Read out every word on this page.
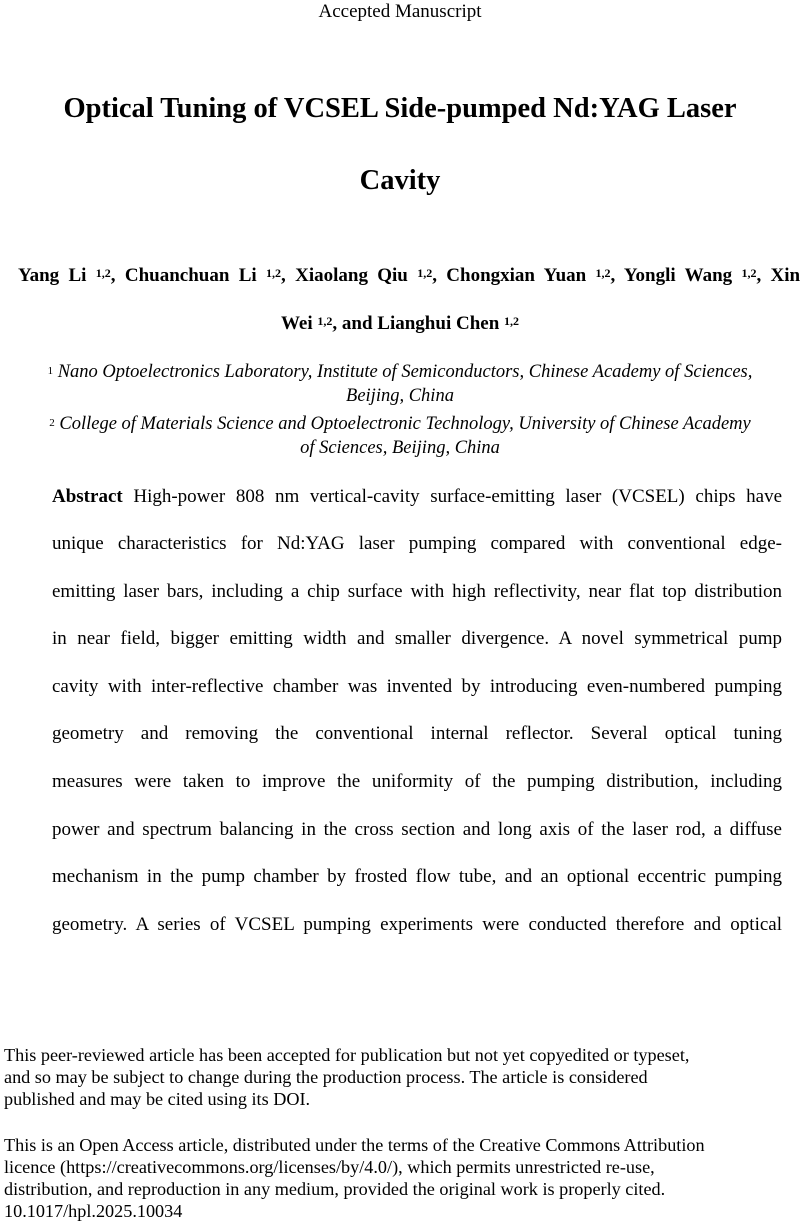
Accepted Manuscript
Optical Tuning of VCSEL Side-pumped Nd:YAG Laser
Cavity
Yang Li $^{1,2}$, Chuanchuan Li $^{1,2}$, Xiaolang Qiu $^{1,2}$, Chongxian Yuan $^{1,2}$, Yongli Wang $^{1,2}$, Xin
Wei $^{1,2}$, and Lianghui Chen $^{1,2}$
$^1$ Nano Optoelectronics Laboratory, Institute of Semiconductors, Chinese Academy of Sciences,
Beijing, China
$^2$ College of Materials Science and Optoelectronic Technology, University of Chinese Academy
of Sciences, Beijing, China
Abstract High-power 808 nm vertical-cavity surface-emitting laser (VCSEL) chips have
unique characteristics for Nd:YAG laser pumping compared with conventional edge-
emitting laser bars, including a chip surface with high reflectivity, near flat top distribution
in near field, bigger emitting width and smaller divergence. A novel symmetrical pump
cavity with inter-reflective chamber was invented by introducing even-numbered pumping
geometry and removing the conventional internal reflector. Several optical tuning
measures were taken to improve the uniformity of the pumping distribution, including
power and spectrum balancing in the cross section and long axis of the laser rod, a diffuse
mechanism in the pump chamber by frosted flow tube, and an optional eccentric pumping
geometry. A series of VCSEL pumping experiments were conducted therefore and optical
This peer-reviewed article has been accepted for publication but not yet copyedited or typeset,
and so may be subject to change during the production process. The article is considered
published and may be cited using its DOI.
This is an Open Access article, distributed under the terms of the Creative Commons Attribution
licence (https://creativecommons.org/licenses/by/4.0/), which permits unrestricted re-use,
distribution, and reproduction in any medium, provided the original work is properly cited.
10.1017/hpl.2025.10034
